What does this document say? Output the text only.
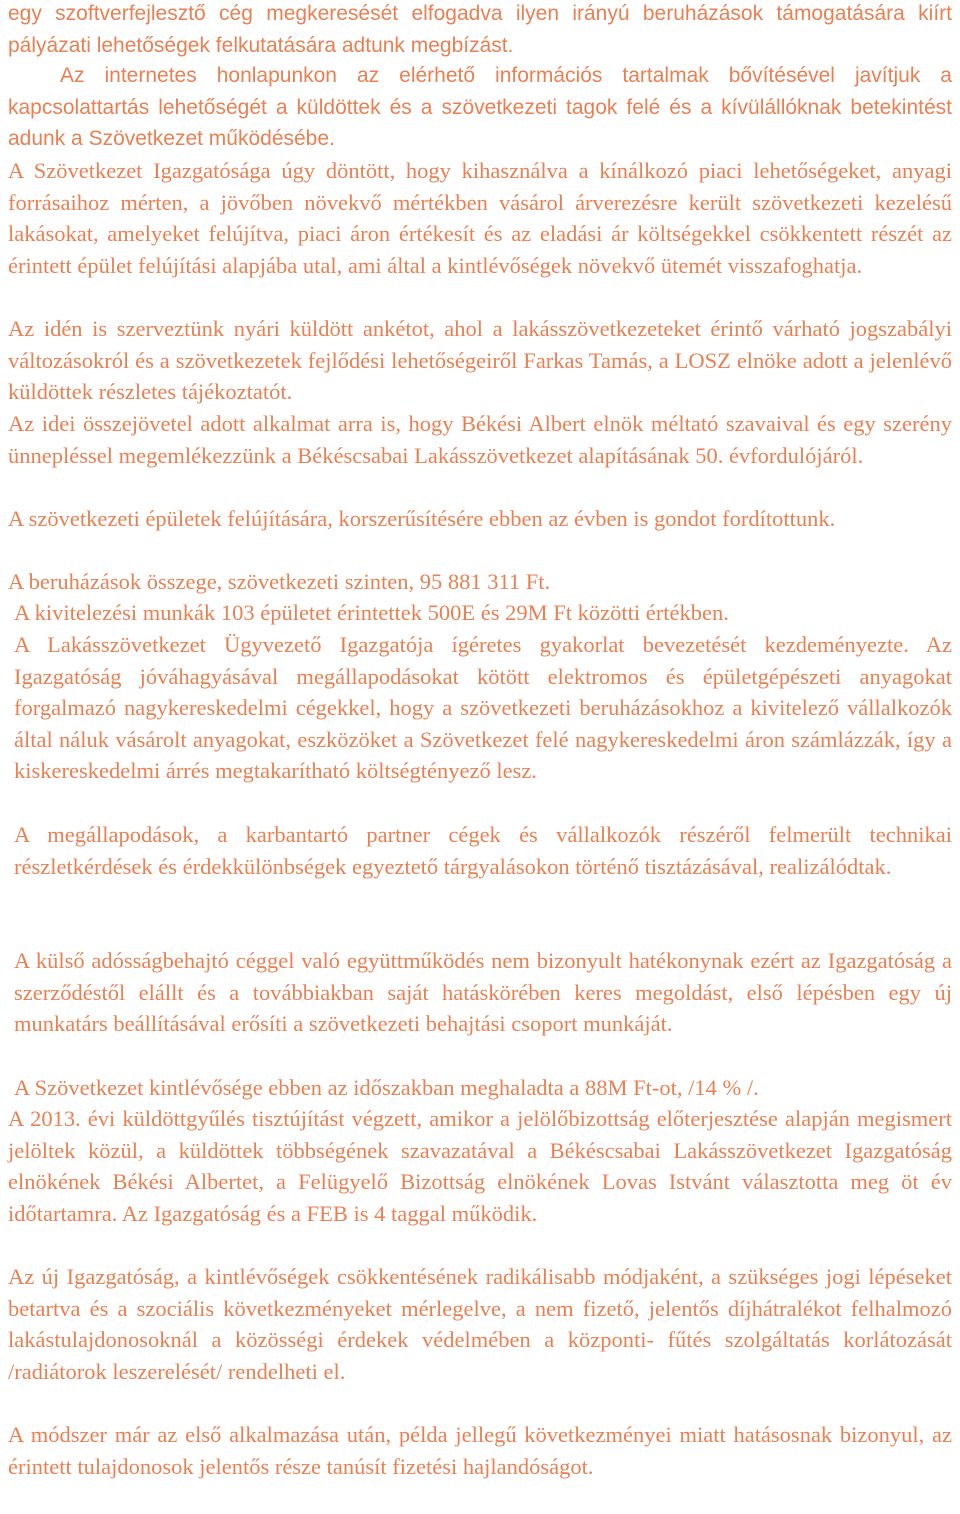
egy szoftverfejlesztő cég megkeresését elfogadva ilyen irányú beruházások támogatására kiírt pályázati lehetőségek felkutatására adtunk megbízást.

Az internetes honlapunkon az elérhető információs tartalmak bővítésével javítjuk a kapcsolattartás lehetőségét a küldöttek és a szövetkezeti tagok felé és a kívülállóknak betekintést adunk a Szövetkezet működésébe.

A Szövetkezet Igazgatósága úgy döntött, hogy kihasználva a kínálkozó piaci lehetőségeket, anyagi forrásaihoz mérten, a jövőben növekvő mértékben vásárol árverezésre került szövetkezeti kezelésű lakásokat, amelyeket felújítva, piaci áron értékesít és az eladási ár költségekkel csökkentett részét az érintett épület felújítási alapjába utal, ami által a kintlévőségek növekvő ütemét visszafoghatja.

Az idén is szerveztünk nyári küldött ankétot, ahol a lakásszövetkezeteket érintő várható jogszabályi változásokról és a szövetkezetek fejlődési lehetőségeiről Farkas Tamás, a LOSZ elnöke adott a jelenlévő küldöttek részletes tájékoztatót.

Az idei összejövetel adott alkalmat arra is, hogy Békési Albert elnök méltató szavaival és egy szerény ünnepléssel megemlékezzünk a Békéscsabai Lakásszövetkezet alapításának 50. évfordulójáról.

A szövetkezeti épületek felújítására, korszerűsítésére ebben az évben is gondot fordítottunk.

A beruházások összege, szövetkezeti szinten, 95 881 311 Ft.

A kivitelezési munkák 103 épületet érintettek 500E és 29M Ft közötti értékben.

A Lakásszövetkezet Ügyvezető Igazgatója ígéretes gyakorlat bevezetését kezdeményezte. Az Igazgatóság jóváhagyásával megállapodásokat kötött elektromos és épületgépészeti anyagokat forgalmazó nagykereskedelmi cégekkel, hogy a szövetkezeti beruházásokhoz a kivitelező vállalkozók által náluk vásárolt anyagokat, eszközöket a Szövetkezet felé nagykereskedelmi áron számlázzák, így a kiskereskedelmi árrés megtakarítható költségtényező lesz.

A megállapodások, a karbantartó partner cégek és vállalkozók részéről felmerült technikai részletkérdések és érdekkülönbségek egyeztető tárgyalásokon történő tisztázásával, realizálódtak.

A külső adósságbehajtó céggel való együttműködés nem bizonyult hatékonynak ezért az Igazgatóság a szerződéstől elállt és a továbbiakban saját hatáskörében keres megoldást, első lépésben egy új munkatárs beállításával erősíti a szövetkezeti behajtási csoport munkáját.

A Szövetkezet kintlévősége ebben az időszakban meghaladta a 88M Ft-ot, /14 % /.

A 2013. évi küldöttgyűlés tisztújítást végzett, amikor a jelölőbizottság előterjesztése alapján megismert jelöltek közül, a küldöttek többségének szavazatával a Békéscsabai Lakásszövetkezet Igazgatóság elnökének Békési Albertet, a Felügyelő Bizottság elnökének Lovas Istvánt választotta meg öt év időtartamra. Az Igazgatóság és a FEB is 4 taggal működik.

Az új Igazgatóság, a kintlévőségek csökkentésének radikálisabb módjaként, a szükséges jogi lépéseket betartva és a szociális következményeket mérlegelve, a nem fizető, jelentős díjhátralékot felhalmozó lakástulajdonosoknál a közösségi érdekek védelmében a központi- fűtés szolgáltatás korlátozását /radiátorok leszerelését/ rendelheti el.

A módszer már az első alkalmazása után, példa jellegű következményei miatt hatásosnak bizonyul, az érintett tulajdonosok jelentős része tanúsít fizetési hajlandóságot.
